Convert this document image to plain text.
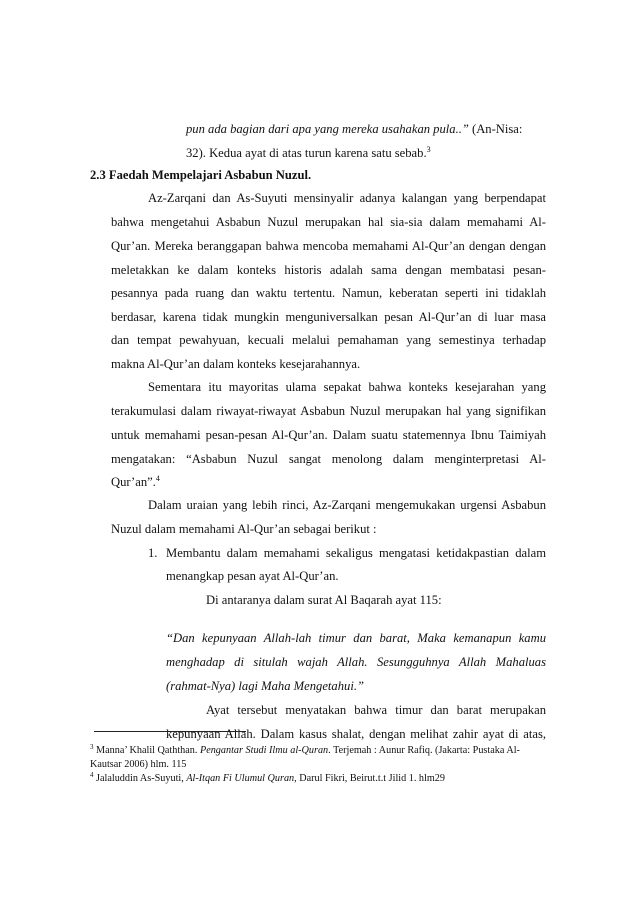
pun ada bagian dari apa yang mereka usahakan pula..” (An-Nisa:
32). Kedua ayat di atas turun karena satu sebab.$^3$
2.3 Faedah Mempelajari Asbabun Nuzul.
Az-Zarqani dan As-Suyuti mensinyalir adanya kalangan yang berpendapat
bahwa mengetahui Asbabun Nuzul merupakan hal sia-sia dalam memahami Al-
Qur’an. Mereka beranggapan bahwa mencoba memahami Al-Qur’an dengan dengan
meletakkan ke dalam konteks historis adalah sama dengan membatasi pesan-
pesannya pada ruang dan waktu tertentu. Namun, keberatan seperti ini tidaklah
berdasar, karena tidak mungkin menguniversalkan pesan Al-Qur’an di luar masa
dan tempat pewahyuan, kecuali melalui pemahaman yang semestinya terhadap
makna Al-Qur’an dalam konteks kesejarahannya.
Sementara itu mayoritas ulama sepakat bahwa konteks kesejarahan yang
terakumulasi dalam riwayat-riwayat Asbabun Nuzul merupakan hal yang signifikan
untuk memahami pesan-pesan Al-Qur’an. Dalam suatu statemennya Ibnu Taimiyah
mengatakan: “Asbabun Nuzul sangat menolong dalam menginterpretasi Al-
Qur’an”.$^4$
Dalam uraian yang lebih rinci, Az-Zarqani mengemukakan urgensi Asbabun
Nuzul dalam memahami Al-Qur’an sebagai berikut :
1. Membantu dalam memahami sekaligus mengatasi ketidakpastian dalam
menangkap pesan ayat Al-Qur’an.
Di antaranya dalam surat Al Baqarah ayat 115:
“Dan kepunyaan Allah-lah timur dan barat, Maka kemanapun kamu
menghadap di situlah wajah Allah. Sesungguhnya Allah Mahaluas
(rahmat-Nya) lagi Maha Mengetahui.”
Ayat tersebut menyatakan bahwa timur dan barat merupakan
kepunyaan Allah. Dalam kasus shalat, dengan melihat zahir ayat di atas,
$^3$ Manna’ Khalil Qaththan. Pengantar Studi Ilmu al-Quran. Terjemah : Aunur Rafiq. (Jakarta: Pustaka Al-
Kautsar 2006) hlm. 115
$^4$ Jalaluddin As-Suyuti, Al-Itqan Fi Ulumul Quran, Darul Fikri, Beirut.t.t Jilid 1. hlm29
